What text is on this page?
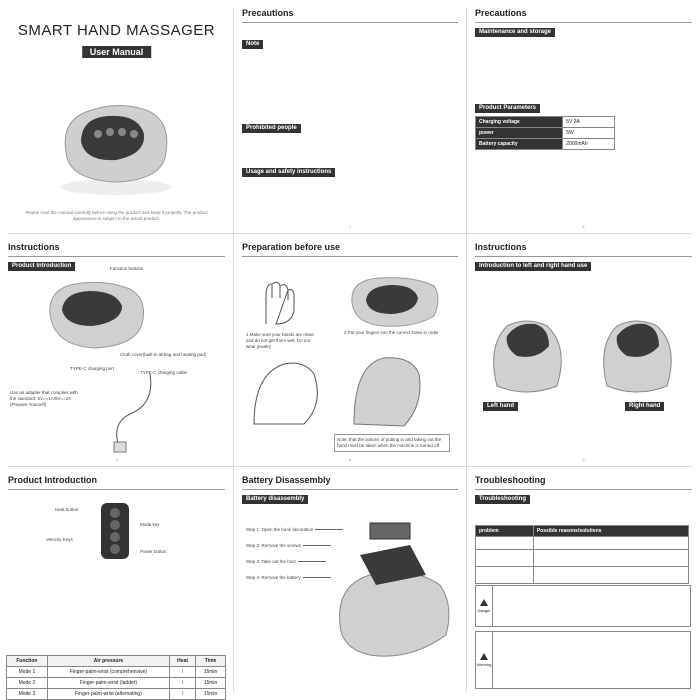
SMART HAND MASSAGER
User Manual
Please read the manual carefully before using the product and keep it properly. The product appearance is subject to the actual product.
Precautions
Note
Prohibited people
Usage and safety instructions
1
Precautions
Maintenance and storage
Product Parameters
Charging voltage	5V 2A
power	5W
Battery capacity	2000mAh
2
Instructions
Product Introduction	Function buttons
Cloth cover(built-in airbag and heating pad)
TYPE-C charging port
TYPE-C charging cable
Use an adapter that complies with the standard: 5V==1A/5V==2A (Prepare Yourself)
3
Preparation before use
1.Make sure your hands are clean and do not get them wet. Do not wear jewelry
2.Put your fingers into the correct holes in order
Note: that the actions of putting in and taking out the hand must be taken when the machine is turned off.
4
Instructions
Introduction to left and right hand use
Left hand	Right hand
5
Product Introduction
Heat button
Mode key
Velocity Keys
Power button
Function	Air pressure	Heat	Time
Mode 1	Finger-palm-wrist (comprehensive)	/	15min
Mode 2	Finger-palm-wrist (ladder)	/	15min
Mode 3	Finger-palm-wrist (alternating)	/	15min
Battery Disassembly
Battery disassembly
Step 1: Open the hook decoration
Step 2: Remove the screws
Step 3: Take out the host
Step 4: Remove the battery
Troubleshooting
Troubleshooting
problem	Possible reasons/solutions

Danger
Warning
